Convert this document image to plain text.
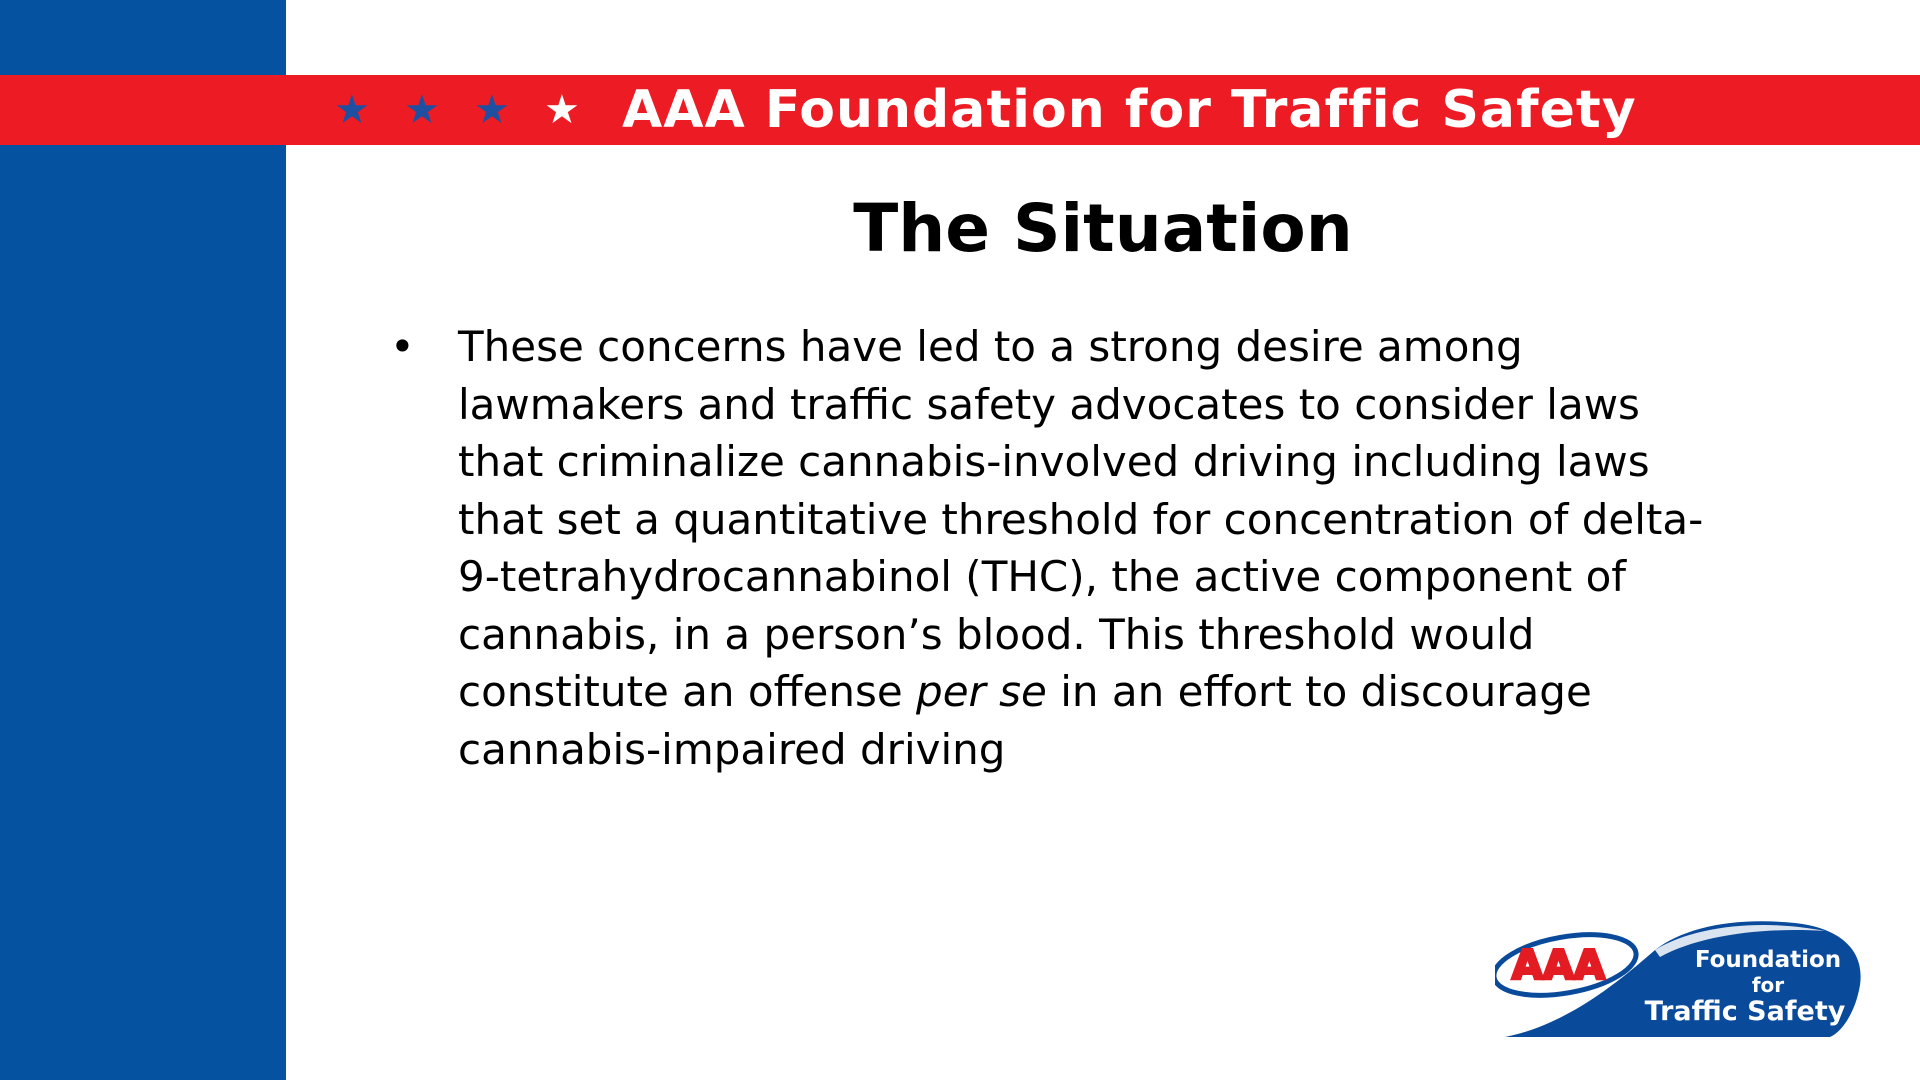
★ ★ ★ ★ AAA Foundation for Traffic Safety
The Situation
•	These concerns have led to a strong desire among lawmakers and traffic safety advocates to consider laws that criminalize cannabis-involved driving including laws that set a quantitative threshold for concentration of delta-9-tetrahydrocannabinol (THC), the active component of cannabis, in a person’s blood. This threshold would constitute an offense per se in an effort to discourage cannabis-impaired driving
AAA	Foundation
for
Traffic Safety
